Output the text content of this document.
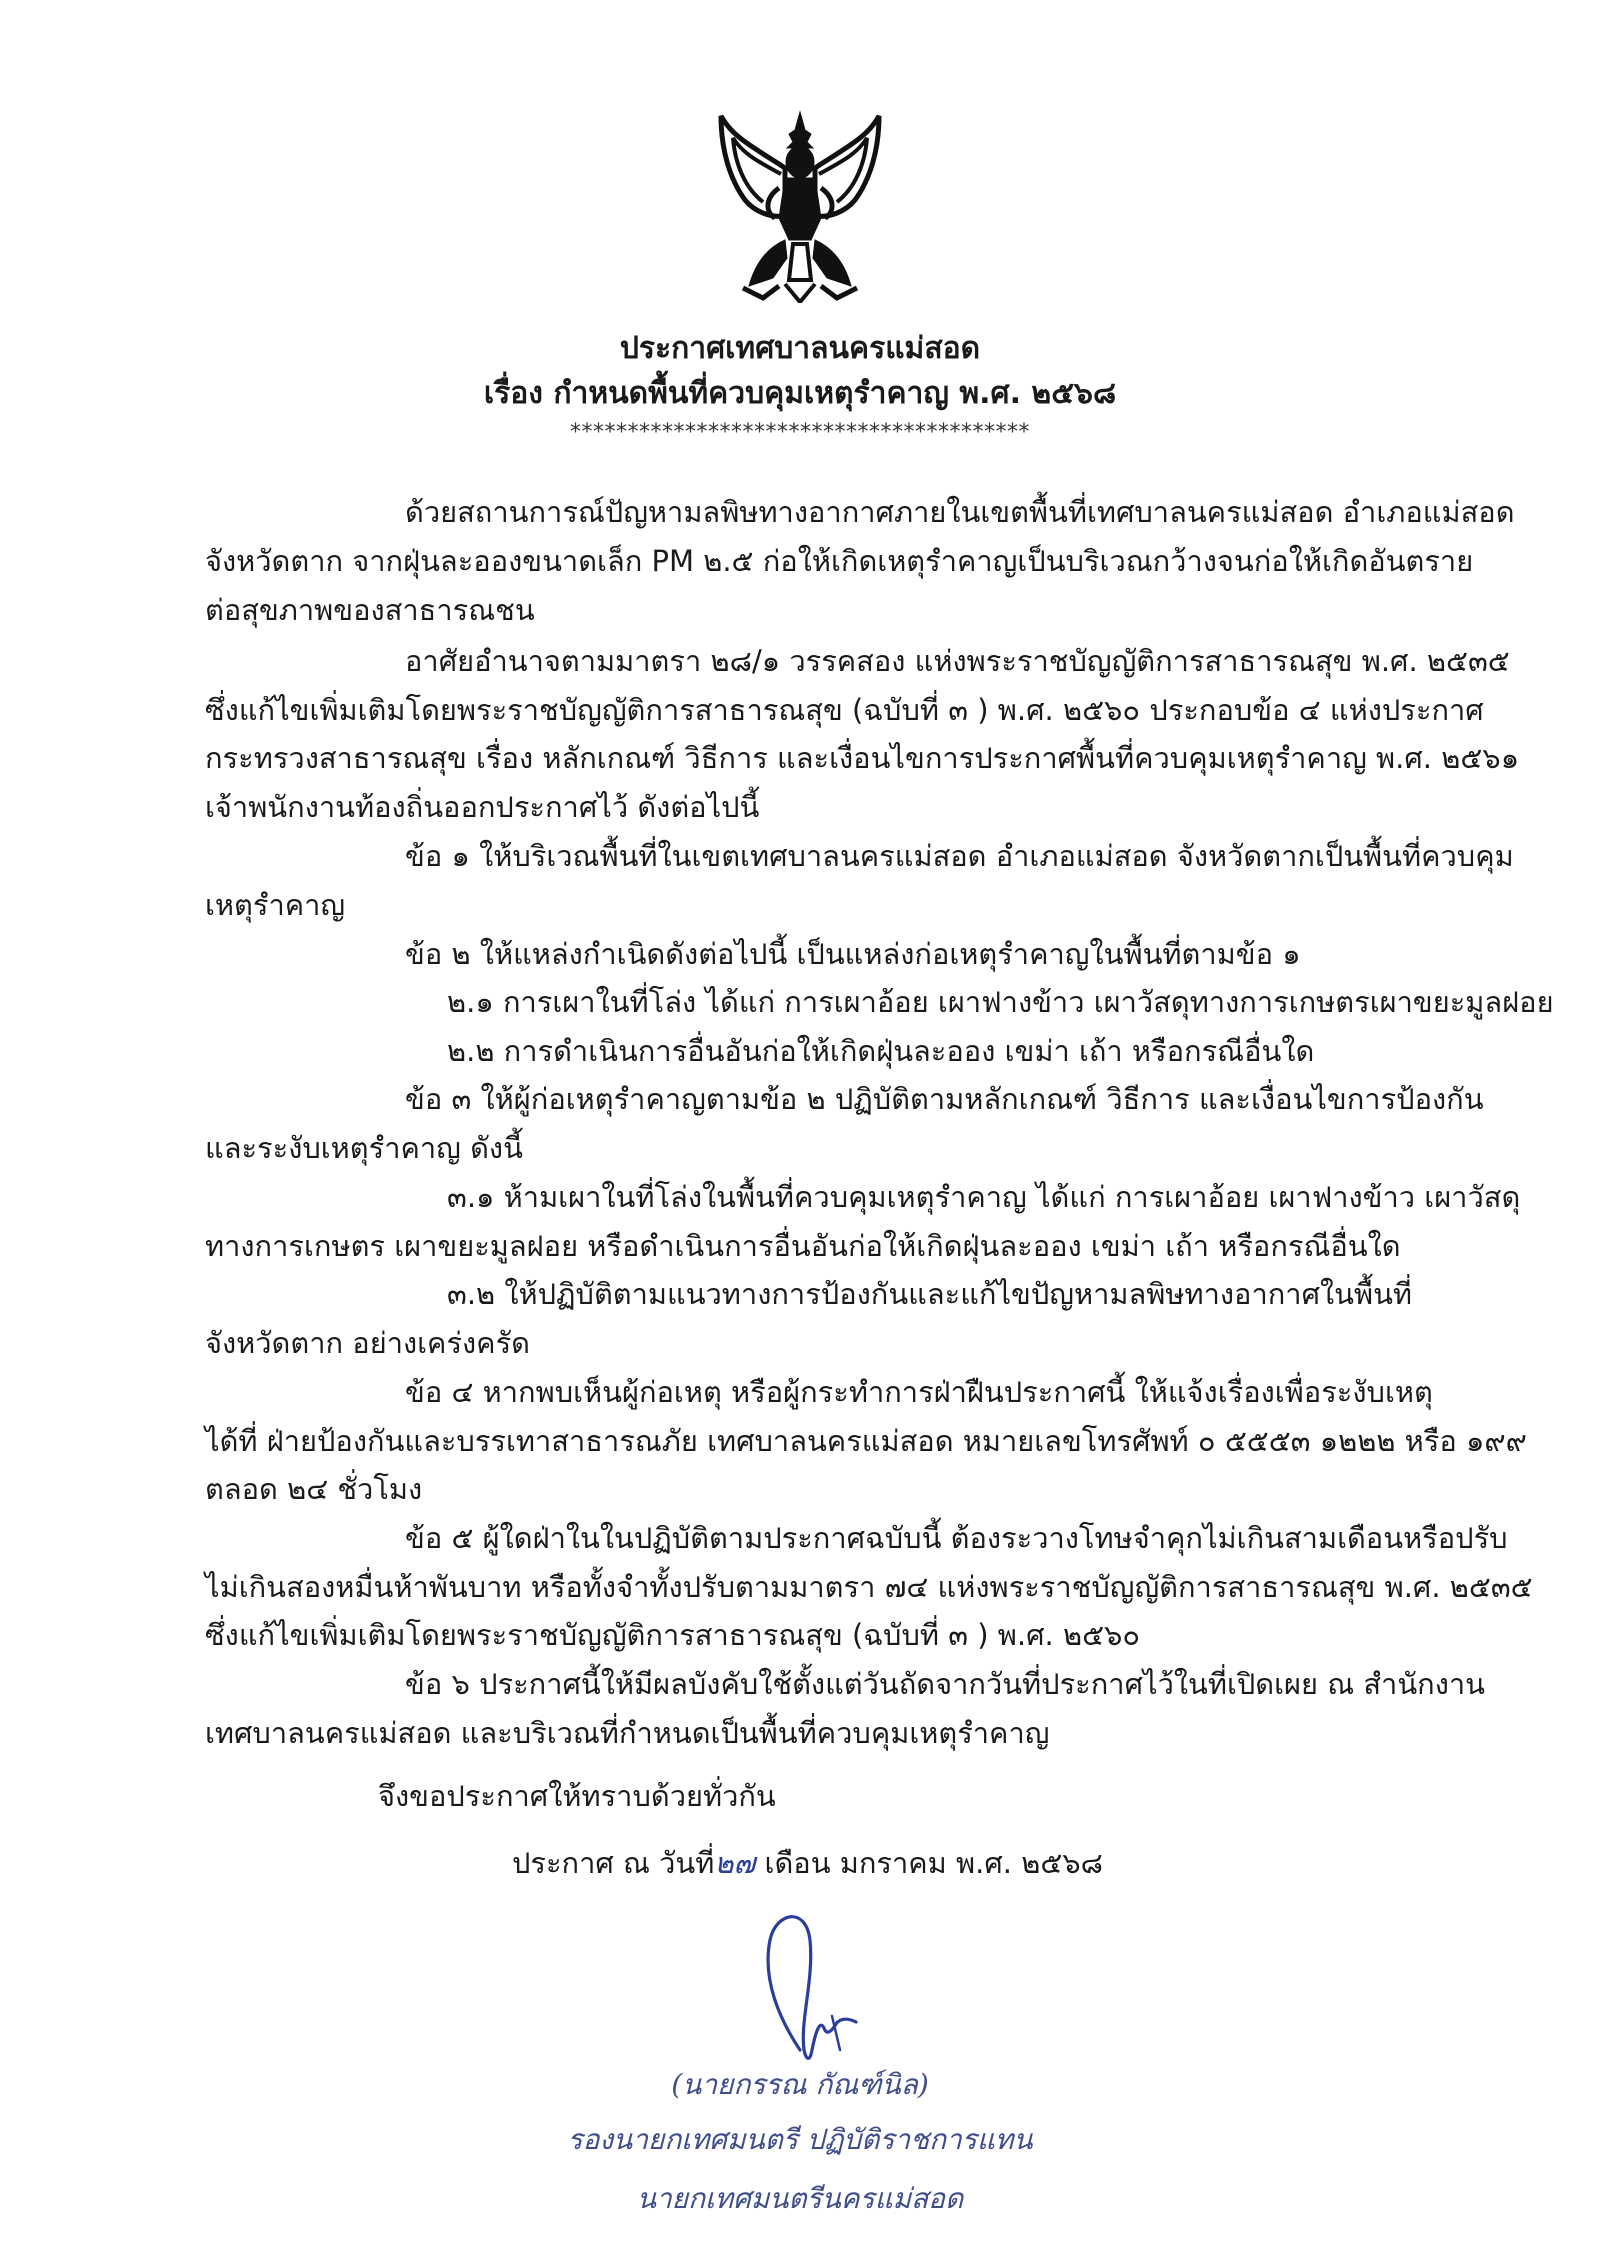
ประกาศเทศบาลนครแม่สอด
เรื่อง กำหนดพื้นที่ควบคุมเหตุรำคาญ พ.ศ. ๒๕๖๘
****************************************
ด้วยสถานการณ์ปัญหามลพิษทางอากาศภายในเขตพื้นที่เทศบาลนครแม่สอด อำเภอแม่สอด
จังหวัดตาก จากฝุ่นละอองขนาดเล็ก PM ๒.๕ ก่อให้เกิดเหตุรำคาญเป็นบริเวณกว้างจนก่อให้เกิดอันตราย
ต่อสุขภาพของสาธารณชน
อาศัยอำนาจตามมาตรา ๒๘/๑ วรรคสอง แห่งพระราชบัญญัติการสาธารณสุข พ.ศ. ๒๕๓๕
ซึ่งแก้ไขเพิ่มเติมโดยพระราชบัญญัติการสาธารณสุข (ฉบับที่ ๓ ) พ.ศ. ๒๕๖๐ ประกอบข้อ ๔ แห่งประกาศ
กระทรวงสาธารณสุข เรื่อง หลักเกณฑ์ วิธีการ และเงื่อนไขการประกาศพื้นที่ควบคุมเหตุรำคาญ พ.ศ. ๒๕๖๑
เจ้าพนักงานท้องถิ่นออกประกาศไว้ ดังต่อไปนี้
ข้อ ๑ ให้บริเวณพื้นที่ในเขตเทศบาลนครแม่สอด อำเภอแม่สอด จังหวัดตากเป็นพื้นที่ควบคุม
เหตุรำคาญ
ข้อ ๒ ให้แหล่งกำเนิดดังต่อไปนี้ เป็นแหล่งก่อเหตุรำคาญในพื้นที่ตามข้อ ๑
๒.๑ การเผาในที่โล่ง ได้แก่ การเผาอ้อย เผาฟางข้าว เผาวัสดุทางการเกษตรเผาขยะมูลฝอย
๒.๒ การดำเนินการอื่นอันก่อให้เกิดฝุ่นละออง เขม่า เถ้า หรือกรณีอื่นใด
ข้อ ๓ ให้ผู้ก่อเหตุรำคาญตามข้อ ๒ ปฏิบัติตามหลักเกณฑ์ วิธีการ และเงื่อนไขการป้องกัน
และระงับเหตุรำคาญ ดังนี้
๓.๑ ห้ามเผาในที่โล่งในพื้นที่ควบคุมเหตุรำคาญ ได้แก่ การเผาอ้อย เผาฟางข้าว เผาวัสดุ
ทางการเกษตร เผาขยะมูลฝอย หรือดำเนินการอื่นอันก่อให้เกิดฝุ่นละออง เขม่า เถ้า หรือกรณีอื่นใด
๓.๒ ให้ปฏิบัติตามแนวทางการป้องกันและแก้ไขปัญหามลพิษทางอากาศในพื้นที่
จังหวัดตาก อย่างเคร่งครัด
ข้อ ๔ หากพบเห็นผู้ก่อเหตุ หรือผู้กระทำการฝ่าฝืนประกาศนี้ ให้แจ้งเรื่องเพื่อระงับเหตุ
ได้ที่ ฝ่ายป้องกันและบรรเทาสาธารณภัย เทศบาลนครแม่สอด หมายเลขโทรศัพท์ ๐ ๕๕๕๓ ๑๒๒๒ หรือ ๑๙๙
ตลอด ๒๔ ชั่วโมง
ข้อ ๕ ผู้ใดฝ่าในในปฏิบัติตามประกาศฉบับนี้ ต้องระวางโทษจำคุกไม่เกินสามเดือนหรือปรับ
ไม่เกินสองหมื่นห้าพันบาท หรือทั้งจำทั้งปรับตามมาตรา ๗๔ แห่งพระราชบัญญัติการสาธารณสุข พ.ศ. ๒๕๓๕
ซึ่งแก้ไขเพิ่มเติมโดยพระราชบัญญัติการสาธารณสุข (ฉบับที่ ๓ ) พ.ศ. ๒๕๖๐
ข้อ ๖ ประกาศนี้ให้มีผลบังคับใช้ตั้งแต่วันถัดจากวันที่ประกาศไว้ในที่เปิดเผย ณ สำนักงาน
เทศบาลนครแม่สอด และบริเวณที่กำหนดเป็นพื้นที่ควบคุมเหตุรำคาญ
จึงขอประกาศให้ทราบด้วยทั่วกัน
ประกาศ ณ วันที่๒๗ เดือน มกราคม พ.ศ. ๒๕๖๘
(นายกรรณ กัณฑ์นิล)
รองนายกเทศมนตรี ปฏิบัติราชการแทน
นายกเทศมนตรีนครแม่สอด
